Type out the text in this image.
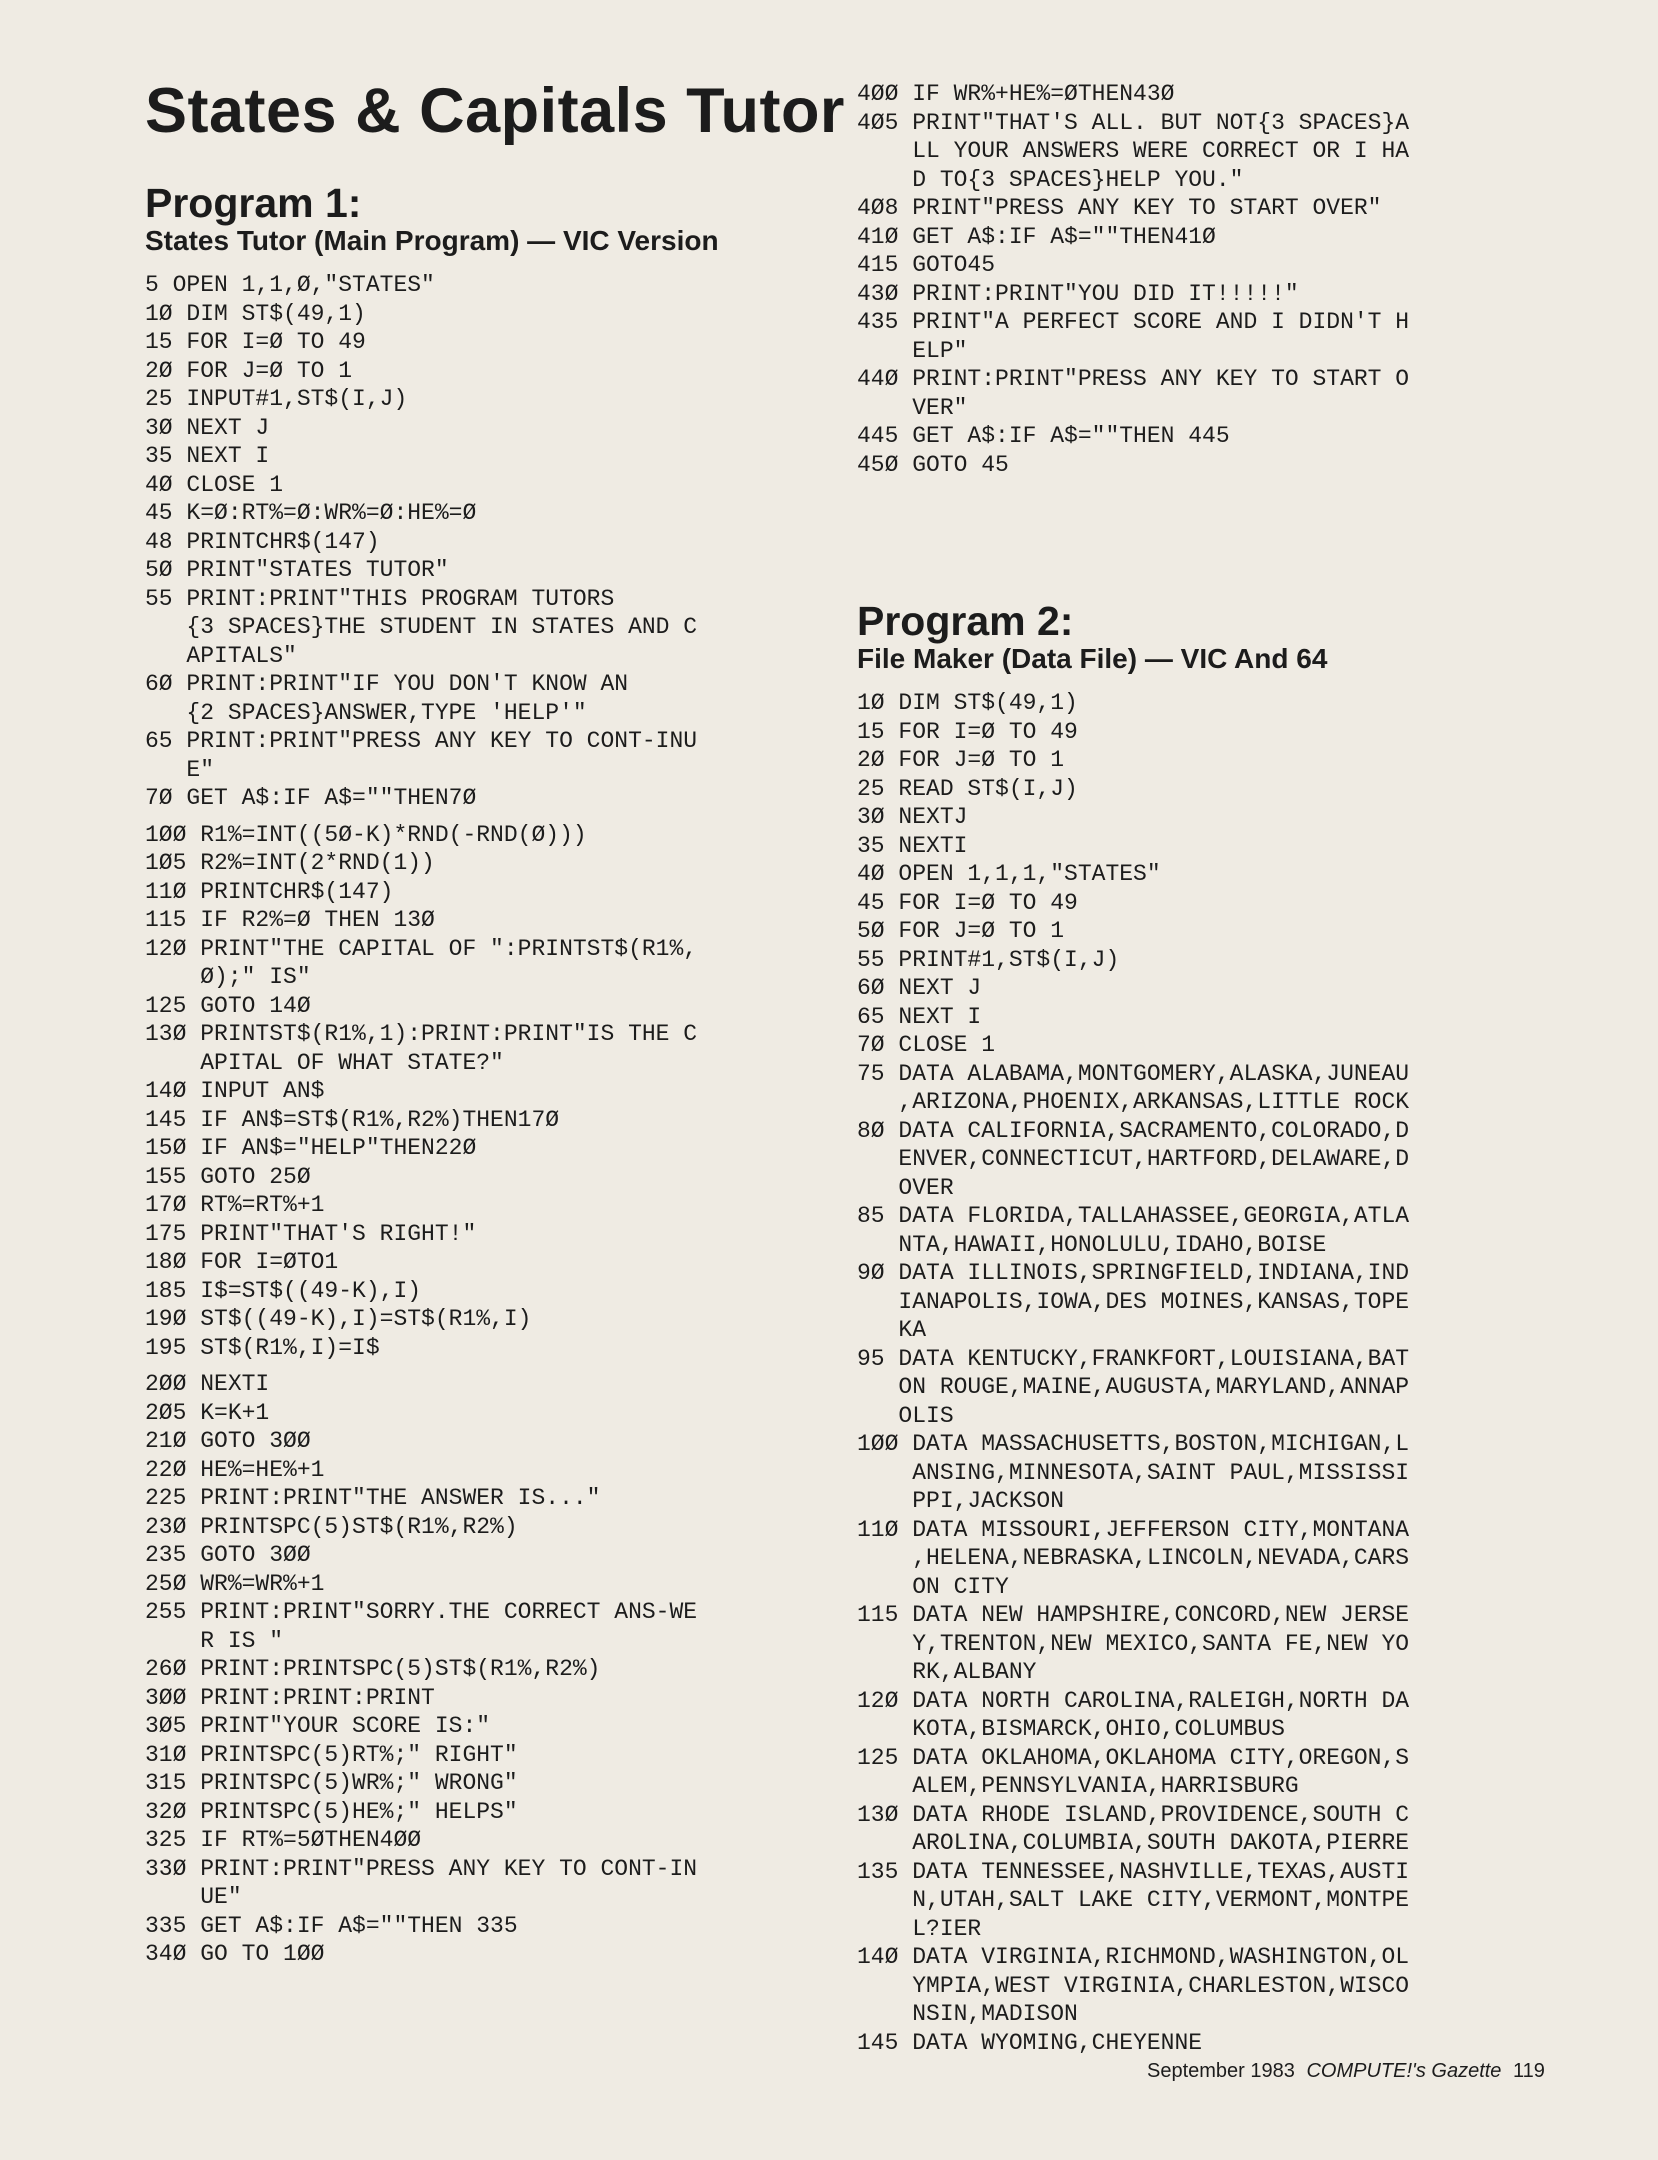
States & Capitals Tutor
Program 1:
States Tutor (Main Program) — VIC Version
5 OPEN 1,1,Ø,"STATES"
1Ø DIM ST$(49,1)
15 FOR I=Ø TO 49
2Ø FOR J=Ø TO 1
25 INPUT#1,ST$(I,J)
3Ø NEXT J
35 NEXT I
4Ø CLOSE 1
45 K=Ø:RT%=Ø:WR%=Ø:HE%=Ø
48 PRINTCHR$(147)
5Ø PRINT"STATES TUTOR"
55 PRINT:PRINT"THIS PROGRAM TUTORS
{3 SPACES}THE STUDENT IN STATES AND C
APITALS"
6Ø PRINT:PRINT"IF YOU DON'T KNOW AN
{2 SPACES}ANSWER,TYPE 'HELP'"
65 PRINT:PRINT"PRESS ANY KEY TO CONT-INU
E"
7Ø GET A$:IF A$=""THEN7Ø
1ØØ R1%=INT((5Ø-K)*RND(-RND(Ø)))
1Ø5 R2%=INT(2*RND(1))
11Ø PRINTCHR$(147)
115 IF R2%=Ø THEN 13Ø
12Ø PRINT"THE CAPITAL OF ":PRINTST$(R1%,
Ø);" IS"
125 GOTO 14Ø
13Ø PRINTST$(R1%,1):PRINT:PRINT"IS THE C
APITAL OF WHAT STATE?"
14Ø INPUT AN$
145 IF AN$=ST$(R1%,R2%)THEN17Ø
15Ø IF AN$="HELP"THEN22Ø
155 GOTO 25Ø
17Ø RT%=RT%+1
175 PRINT"THAT'S RIGHT!"
18Ø FOR I=ØTO1
185 I$=ST$((49-K),I)
19Ø ST$((49-K),I)=ST$(R1%,I)
195 ST$(R1%,I)=I$
2ØØ NEXTI
2Ø5 K=K+1
21Ø GOTO 3ØØ
22Ø HE%=HE%+1
225 PRINT:PRINT"THE ANSWER IS..."
23Ø PRINTSPC(5)ST$(R1%,R2%)
235 GOTO 3ØØ
25Ø WR%=WR%+1
255 PRINT:PRINT"SORRY.THE CORRECT ANS-WE
R IS "
26Ø PRINT:PRINTSPC(5)ST$(R1%,R2%)
3ØØ PRINT:PRINT:PRINT
3Ø5 PRINT"YOUR SCORE IS:"
31Ø PRINTSPC(5)RT%;" RIGHT"
315 PRINTSPC(5)WR%;" WRONG"
32Ø PRINTSPC(5)HE%;" HELPS"
325 IF RT%=5ØTHEN4ØØ
33Ø PRINT:PRINT"PRESS ANY KEY TO CONT-IN
UE"
335 GET A$:IF A$=""THEN 335
34Ø GO TO 1ØØ
4ØØ IF WR%+HE%=ØTHEN43Ø
4Ø5 PRINT"THAT'S ALL. BUT NOT{3 SPACES}A
LL YOUR ANSWERS WERE CORRECT OR I HA
D TO{3 SPACES}HELP YOU."
4Ø8 PRINT"PRESS ANY KEY TO START OVER"
41Ø GET A$:IF A$=""THEN41Ø
415 GOTO45
43Ø PRINT:PRINT"YOU DID IT!!!!!"
435 PRINT"A PERFECT SCORE AND I DIDN'T H
ELP"
44Ø PRINT:PRINT"PRESS ANY KEY TO START O
VER"
445 GET A$:IF A$=""THEN 445
45Ø GOTO 45
Program 2:
File Maker (Data File) — VIC And 64
1Ø DIM ST$(49,1)
15 FOR I=Ø TO 49
2Ø FOR J=Ø TO 1
25 READ ST$(I,J)
3Ø NEXTJ
35 NEXTI
4Ø OPEN 1,1,1,"STATES"
45 FOR I=Ø TO 49
5Ø FOR J=Ø TO 1
55 PRINT#1,ST$(I,J)
6Ø NEXT J
65 NEXT I
7Ø CLOSE 1
75 DATA ALABAMA,MONTGOMERY,ALASKA,JUNEAU
,ARIZONA,PHOENIX,ARKANSAS,LITTLE ROCK
8Ø DATA CALIFORNIA,SACRAMENTO,COLORADO,D
ENVER,CONNECTICUT,HARTFORD,DELAWARE,D
OVER
85 DATA FLORIDA,TALLAHASSEE,GEORGIA,ATLA
NTA,HAWAII,HONOLULU,IDAHO,BOISE
9Ø DATA ILLINOIS,SPRINGFIELD,INDIANA,IND
IANAPOLIS,IOWA,DES MOINES,KANSAS,TOPE
KA
95 DATA KENTUCKY,FRANKFORT,LOUISIANA,BAT
ON ROUGE,MAINE,AUGUSTA,MARYLAND,ANNAP
OLIS
1ØØ DATA MASSACHUSETTS,BOSTON,MICHIGAN,L
ANSING,MINNESOTA,SAINT PAUL,MISSISSI
PPI,JACKSON
11Ø DATA MISSOURI,JEFFERSON CITY,MONTANA
,HELENA,NEBRASKA,LINCOLN,NEVADA,CARS
ON CITY
115 DATA NEW HAMPSHIRE,CONCORD,NEW JERSE
Y,TRENTON,NEW MEXICO,SANTA FE,NEW YO
RK,ALBANY
12Ø DATA NORTH CAROLINA,RALEIGH,NORTH DA
KOTA,BISMARCK,OHIO,COLUMBUS
125 DATA OKLAHOMA,OKLAHOMA CITY,OREGON,S
ALEM,PENNSYLVANIA,HARRISBURG
13Ø DATA RHODE ISLAND,PROVIDENCE,SOUTH C
AROLINA,COLUMBIA,SOUTH DAKOTA,PIERRE
135 DATA TENNESSEE,NASHVILLE,TEXAS,AUSTI
N,UTAH,SALT LAKE CITY,VERMONT,MONTPE
L?IER
14Ø DATA VIRGINIA,RICHMOND,WASHINGTON,OL
YMPIA,WEST VIRGINIA,CHARLESTON,WISCO
NSIN,MADISON
145 DATA WYOMING,CHEYENNE
September 1983 COMPUTE!'s Gazette 119
